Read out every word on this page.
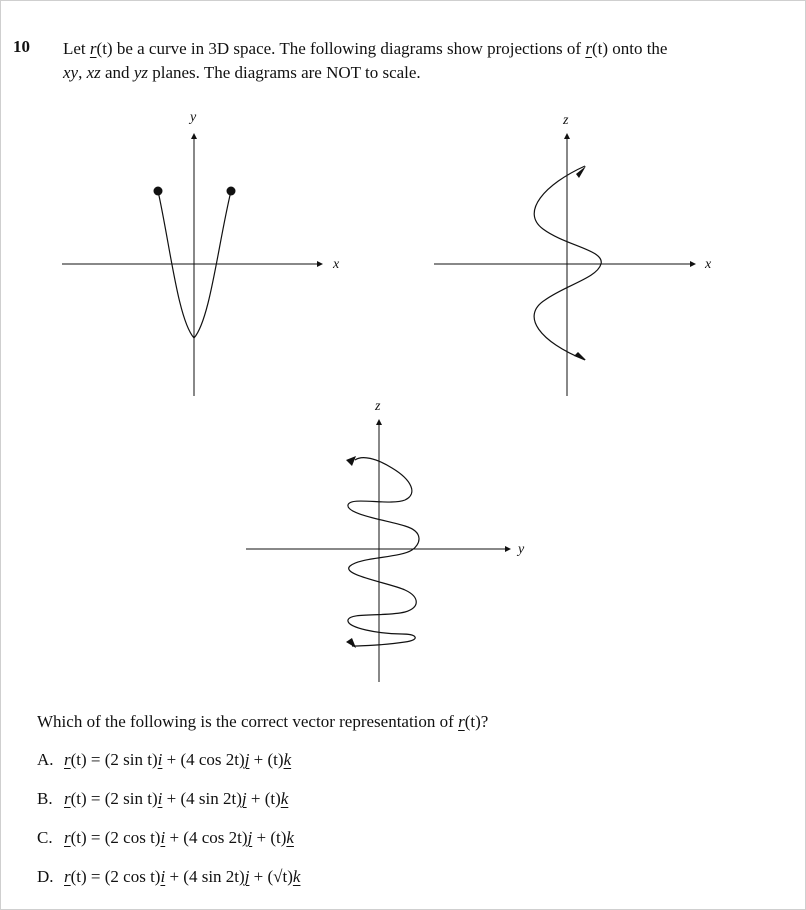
10 Let r(t) be a curve in 3D space. The following diagrams show projections of r(t) onto the

xy, xz and yz planes. The diagrams are NOT to scale.

y
x
z
x
z
y
Which of the following is the correct vector representation of r(t)?
A. r(t) = (2 sin t)i + (4 cos 2t)j + (t)k
B. r(t) = (2 sin t)i + (4 sin 2t)j + (t)k
C. r(t) = (2 cos t)i + (4 cos 2t)j + (t)k
D. r(t) = (2 cos t)i + (4 sin 2t)j + (√t)k
